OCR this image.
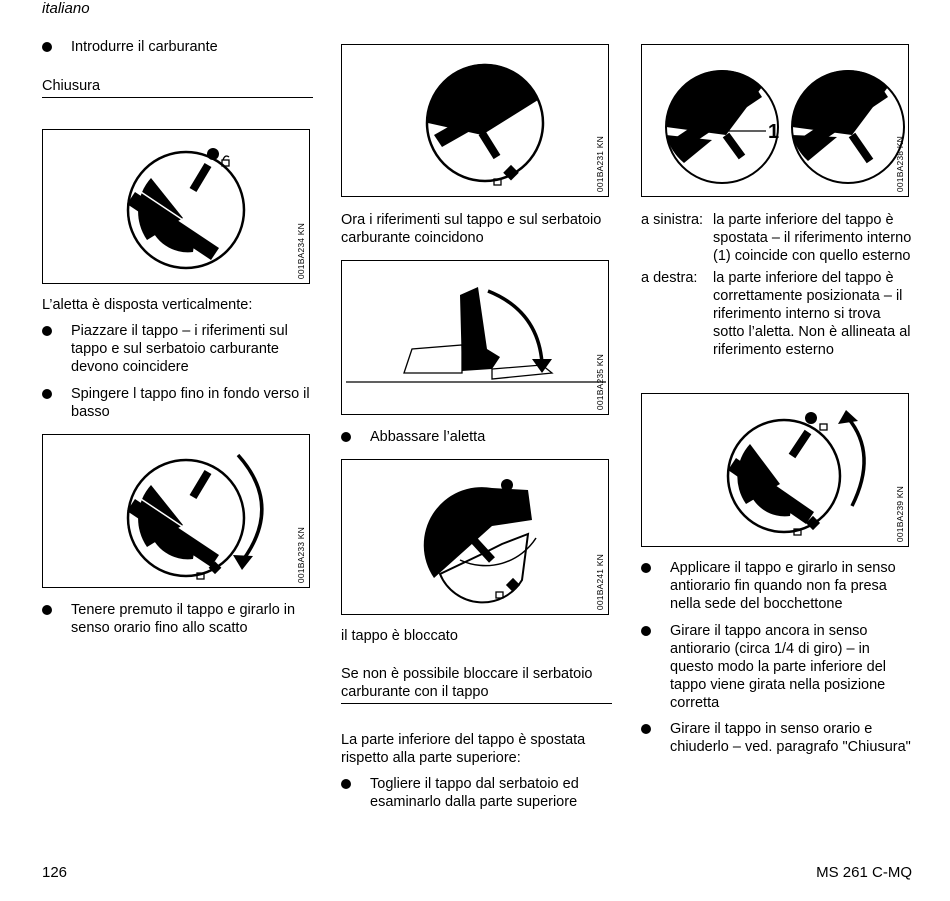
italiano
Introdurre il carburante
Chiusura
001BA234 KN
L’aletta è disposta verticalmente:
Piazzare il tappo – i riferimenti sul tappo e sul serbatoio carburante devono coincidere
Spingere l tappo fino in fondo verso il basso
001BA233 KN
Tenere premuto il tappo e girarlo in senso orario fino allo scatto
001BA231 KN
Ora i riferimenti sul tappo e sul serbatoio carburante coincidono
001BA235 KN
Abbassare l’aletta
001BA241 KN
il tappo è bloccato
Se non è possibile bloccare il serbatoio carburante con il tappo
La parte inferiore del tappo è spostata rispetto alla parte superiore:
Togliere il tappo dal serbatoio ed esaminarlo dalla parte superiore
1
001BA238 KN
a sinistra: la parte inferiore del tappo è spostata – il riferimento interno (1) coincide con quello esterno
a destra:	la parte inferiore del tappo è correttamente posizionata – il riferimento interno si trova sotto l’aletta. Non è allineata al riferimento esterno
001BA239 KN
Applicare il tappo e girarlo in senso antiorario fin quando non fa presa nella sede del bocchettone
Girare il tappo ancora in senso antiorario (circa 1/4 di giro) – in questo modo la parte inferiore del tappo viene girata nella posizione corretta
Girare il tappo in senso orario e chiuderlo – ved. paragrafo "Chiusura"
126	MS 261 C-MQ
